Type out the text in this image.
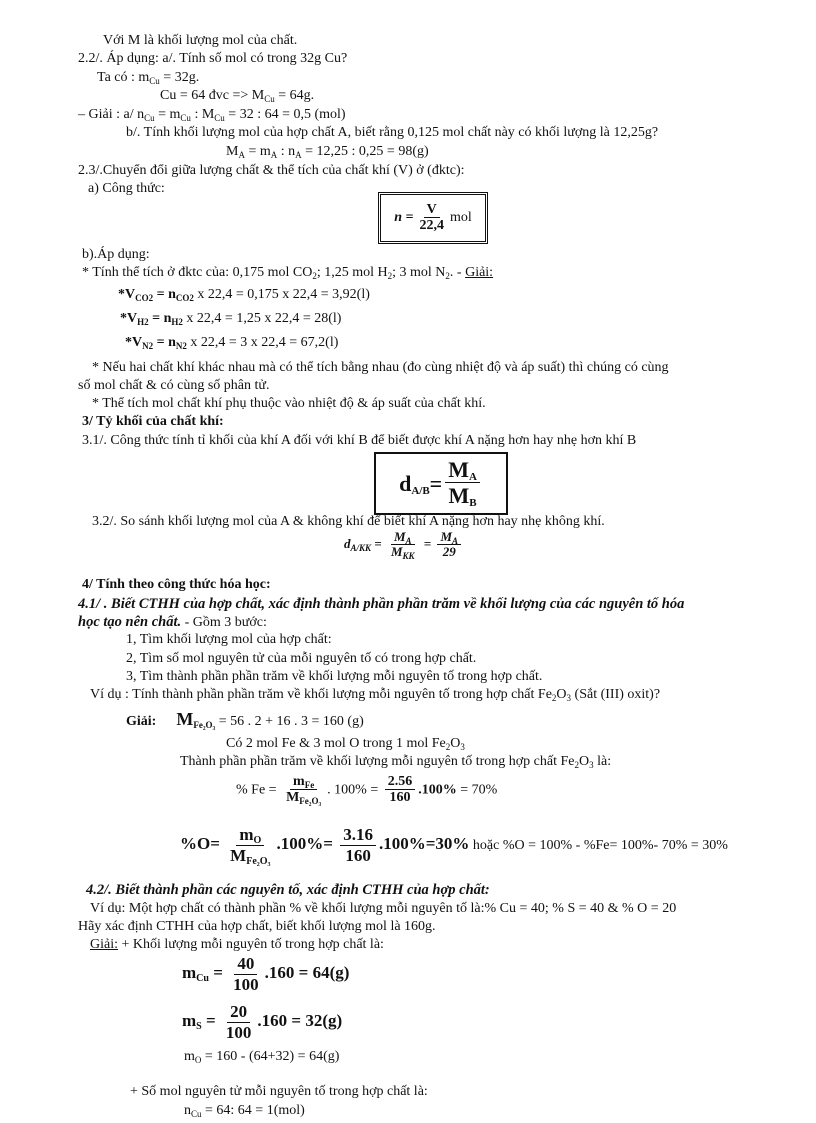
Với M là khối lượng mol của chất.
2.2/. Áp dụng: a/. Tính số mol có trong 32g Cu?
Ta có : $m_{Cu} = 32g$.
Cu = 64 đvc => $M_{Cu} = 64g$.
– Giải : a/ $n_{Cu} = m_{Cu}$ : $M_{Cu} = 32$ : 64 = 0,5 (mol)
b/. Tính khối lượng mol của hợp chất A, biết rằng 0,125 mol chất này có khối lượng là 12,25g?
$M_A = m_A$ : $n_A = 12,25$ : 0,25 = 98(g)
2.3/.Chuyển đổi giữa lượng chất & thể tích của chất khí (V) ở (đktc):
a) Công thức:
$n = \frac{V}{22,4}$ mol
b).Áp dụng:
* Tính thể tích ở đktc của: 0,175 mol $CO_2$; 1,25 mol $H_2$; 3 mol $N_2$. - Giải:
$*V_{CO2} = n_{CO2}$ x 22,4 = 0,175 x 22,4 = 3,92(l)
$*V_{H2} = n_{H2}$ x 22,4 = 1,25 x 22,4 = 28(l)
$*V_{N2} = n_{N2}$ x 22,4 = 3 x 22,4 = 67,2(l)
* Nếu hai chất khí khác nhau mà có thể tích bằng nhau (đo cùng nhiệt độ và áp suất) thì chúng có cùng
số mol chất & có cùng số phân tử.
* Thể tích mol chất khí phụ thuộc vào nhiệt độ & áp suất của chất khí.
3/ Tỷ khối của chất khí:
3.1/. Công thức tính tỉ khối của khí A đối với khí B để biết được khí A nặng hơn hay nhẹ hơn khí B
$d_{A/B} = \frac{M_A}{M_B}$
3.2/. So sánh khối lượng mol của A & không khí để biết khí A nặng hơn hay nhẹ không khí.
$d_{A/KK} = \frac{M_A}{M_{KK}} = \frac{M_A}{29}$
4/ Tính theo công thức hóa học:
4.1/ . Biết CTHH của hợp chất, xác định thành phần phần trăm về khối lượng của các nguyên tố hóa
học tạo nên chất. - Gồm 3 bước:
1, Tìm khối lượng mol của hợp chất:
2, Tìm số mol nguyên tử của mỗi nguyên tố có trong hợp chất.
3, Tìm thành phần phần trăm về khối lượng mỗi nguyên tố trong hợp chất.
Ví dụ : Tính thành phần phần trăm về khối lượng mỗi nguyên tố trong hợp chất $Fe_2O_3$ (Sắt (III) oxit)?
Giải: $M_{Fe_2O_3} = 56$ . 2 + 16 . 3 = 160 (g)
Có 2 mol Fe & 3 mol O trong 1 mol $Fe_2O_3$
Thành phần phần trăm về khối lượng mỗi nguyên tố trong hợp chất $Fe_2O_3$ là:
% $Fe = \frac{m_{Fe}}{M_{Fe_2O_3}}$ . $100\% = \frac{2.56}{160} .100\% = 70\%$
$\%O= \frac{m_O}{M_{Fe_2O_3}} .100\%= \frac{3.16}{160} .100\%=30\%$ hoặc %O = 100% - %Fe= 100%- 70% = 30%
4.2/. Biết thành phần các nguyên tố, xác định CTHH của hợp chất:
Ví dụ: Một hợp chất có thành phần % về khối lượng mỗi nguyên tố là:% Cu = 40; % S = 40 & % O = 20
Hãy xác định CTHH của hợp chất, biết khối lượng mol là 160g.
Giải: + Khối lượng mỗi nguyên tố trong hợp chất là:
$m_{Cu} = \frac{40}{100} .160 = 64(g)$
$m_S = \frac{20}{100} .160 = 32(g)$
$m_O = 160 - (64+32) = 64(g)$
+ Số mol nguyên tử mỗi nguyên tố trong hợp chất là:
$n_{Cu} = 64$: 64 = 1(mol)
